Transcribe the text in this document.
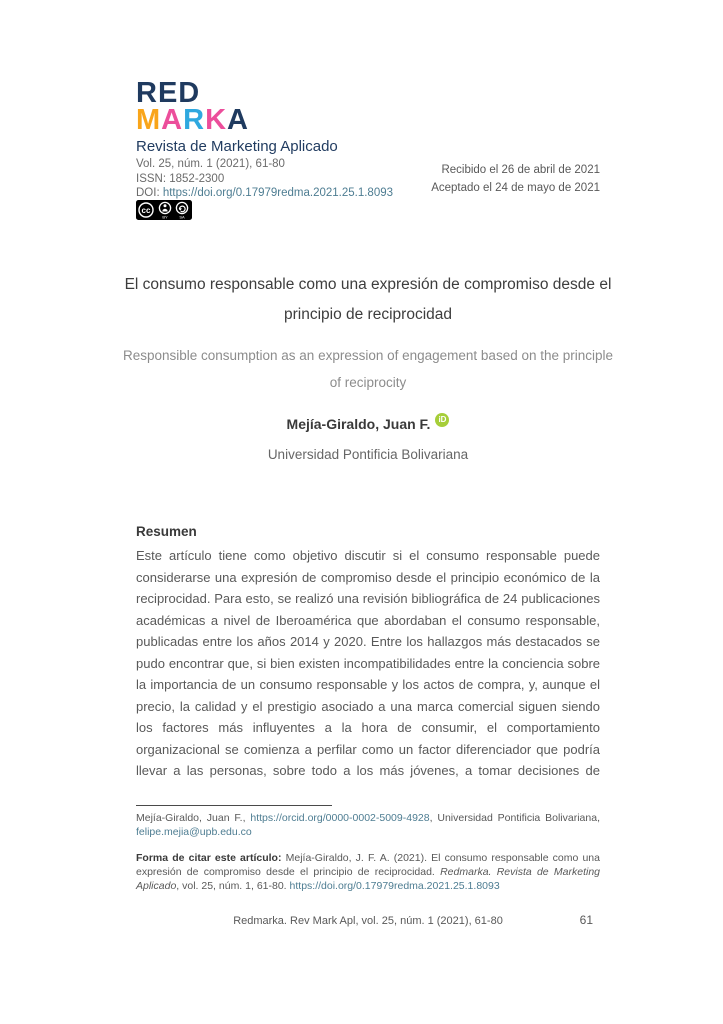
RED
MARKA
Revista de Marketing Aplicado
Vol. 25, núm. 1 (2021), 61-80
ISSN: 1852-2300
DOI: https://doi.org/0.17979redma.2021.25.1.8093
cc
BY	SA
Recibido el 26 de abril de 2021
Aceptado el 24 de mayo de 2021
El consumo responsable como una expresión de compromiso desde el principio de reciprocidad
Responsible consumption as an expression of engagement based on the principle of reciprocity
Mejía-Giraldo, Juan F. iD
Universidad Pontificia Bolivariana
Resumen

Este artículo tiene como objetivo discutir si el consumo responsable puede considerarse una expresión de compromiso desde el principio económico de la reciprocidad. Para esto, se realizó una revisión bibliográfica de 24 publicaciones académicas a nivel de Iberoamérica que abordaban el consumo responsable, publicadas entre los años 2014 y 2020. Entre los hallazgos más destacados se pudo encontrar que, si bien existen incompatibilidades entre la conciencia sobre la importancia de un consumo responsable y los actos de compra, y, aunque el precio, la calidad y el prestigio asociado a una marca comercial siguen siendo los factores más influyentes a la hora de consumir, el comportamiento organizacional se comienza a perfilar como un factor diferenciador que podría llevar a las personas, sobre todo a los más jóvenes, a tomar decisiones de

Mejía-Giraldo, Juan F., https://orcid.org/0000-0002-5009-4928, Universidad Pontificia Bolivariana, felipe.mejia@upb.edu.co

Forma de citar este artículo: Mejía-Giraldo, J. F. A. (2021). El consumo responsable como una expresión de compromiso desde el principio de reciprocidad. Redmarka. Revista de Marketing Aplicado, vol. 25, núm. 1, 61-80. https://doi.org/0.17979redma.2021.25.1.8093

Redmarka. Rev Mark Apl, vol. 25, núm. 1 (2021), 61-80	61
